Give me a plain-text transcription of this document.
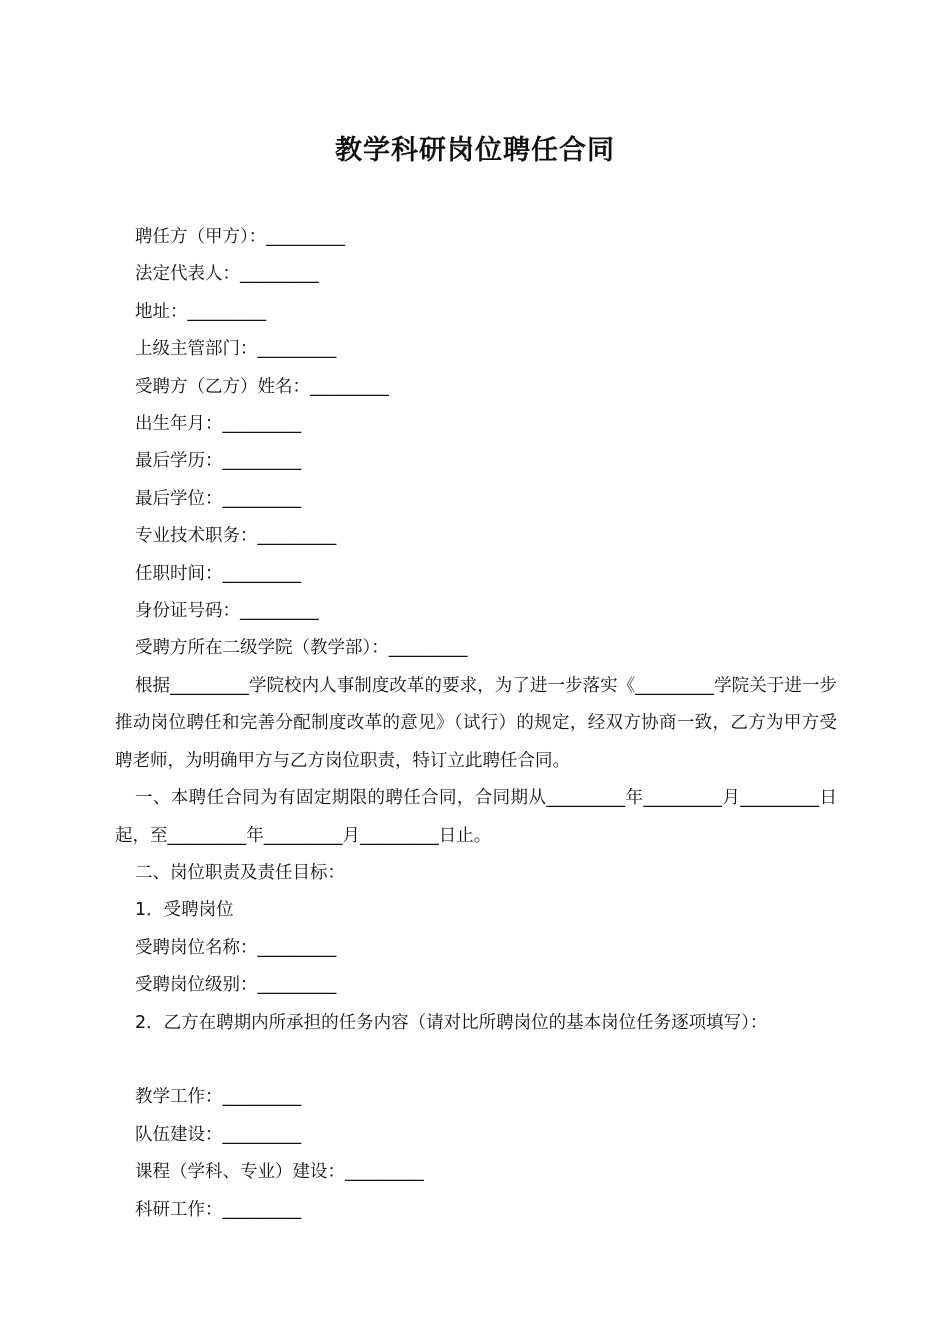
教学科研岗位聘任合同

聘任方（甲方）：_________

法定代表人：_________

地址：_________

上级主管部门：_________

受聘方（乙方）姓名：_________

出生年月：_________

最后学历：_________

最后学位：_________

专业技术职务：_________

任职时间：_________

身份证号码：_________

受聘方所在二级学院（教学部）：_________

根据_________学院校内人事制度改革的要求，为了进一步落实《_________学院关于进一步推动岗位聘任和完善分配制度改革的意见》（试行）的规定，经双方协商一致，乙方为甲方受聘老师，为明确甲方与乙方岗位职责，特订立此聘任合同。

一、本聘任合同为有固定期限的聘任合同，合同期从_________年_________月_________日起，至_________年_________月_________日止。

二、岗位职责及责任目标：

1．受聘岗位

受聘岗位名称：_________

受聘岗位级别：_________

2．乙方在聘期内所承担的任务内容（请对比所聘岗位的基本岗位任务逐项填写）：

教学工作：_________

队伍建设：_________

课程（学科、专业）建设：_________

科研工作：_________
